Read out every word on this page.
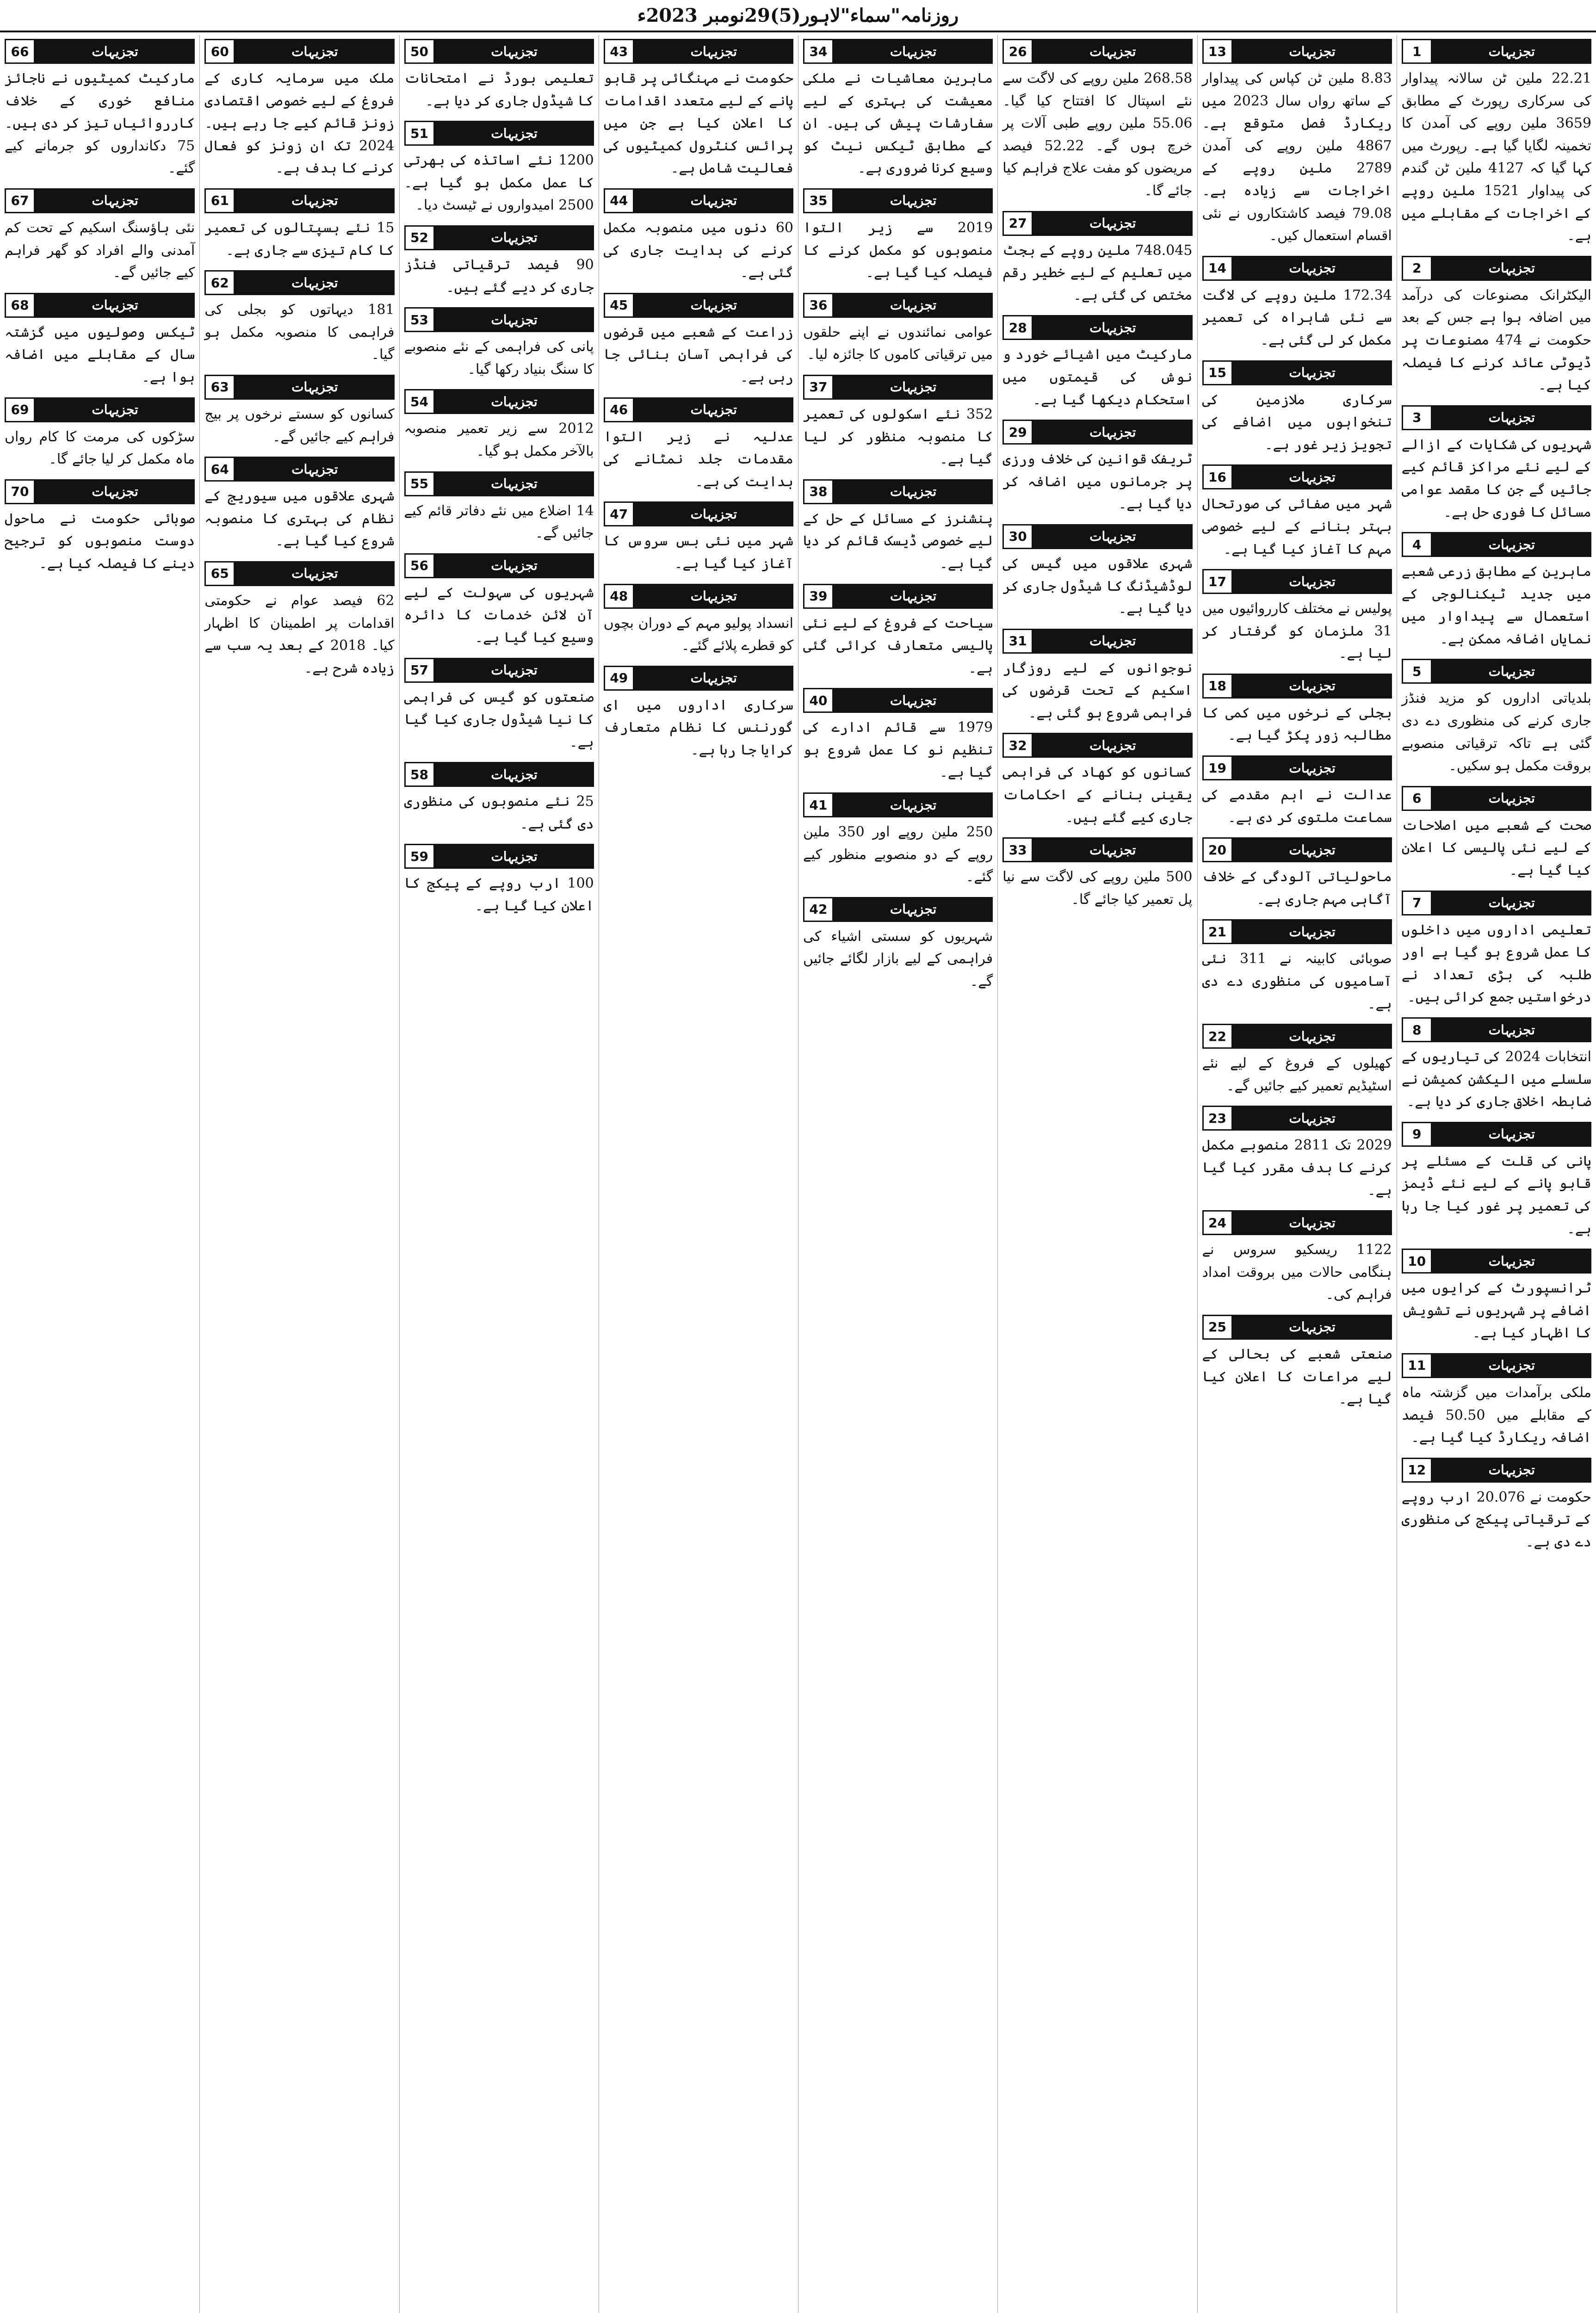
روزنامہ"سماء"لاہور(5)29نومبر 2023ء
1	تجزیہات

22.21 ملین ٹن سالانہ پیداوار کی سرکاری رپورٹ کے مطابق 3659 ملین روپے کی آمدن کا تخمینہ لگایا گیا ہے۔ رپورٹ میں کہا گیا کہ 4127 ملین ٹن گندم کی پیداوار 1521 ملین روپے کے اخراجات کے مقابلے میں ہے۔

2	تجزیہات

الیکٹرانک مصنوعات کی درآمد میں اضافہ ہوا ہے جس کے بعد حکومت نے 474 مصنوعات پر ڈیوٹی عائد کرنے کا فیصلہ کیا ہے۔

3	تجزیہات

شہریوں کی شکایات کے ازالے کے لیے نئے مراکز قائم کیے جائیں گے جن کا مقصد عوامی مسائل کا فوری حل ہے۔

4	تجزیہات

ماہرین کے مطابق زرعی شعبے میں جدید ٹیکنالوجی کے استعمال سے پیداوار میں نمایاں اضافہ ممکن ہے۔

5	تجزیہات

بلدیاتی اداروں کو مزید فنڈز جاری کرنے کی منظوری دے دی گئی ہے تاکہ ترقیاتی منصوبے بروقت مکمل ہو سکیں۔

6	تجزیہات

صحت کے شعبے میں اصلاحات کے لیے نئی پالیسی کا اعلان کیا گیا ہے۔

7	تجزیہات

تعلیمی اداروں میں داخلوں کا عمل شروع ہو گیا ہے اور طلبہ کی بڑی تعداد نے درخواستیں جمع کرائی ہیں۔

8	تجزیہات

انتخابات 2024 کی تیاریوں کے سلسلے میں الیکشن کمیشن نے ضابطہ اخلاق جاری کر دیا ہے۔

9	تجزیہات

پانی کی قلت کے مسئلے پر قابو پانے کے لیے نئے ڈیمز کی تعمیر پر غور کیا جا رہا ہے۔

10	تجزیہات

ٹرانسپورٹ کے کرایوں میں اضافے پر شہریوں نے تشویش کا اظہار کیا ہے۔

11	تجزیہات

ملکی برآمدات میں گزشتہ ماہ کے مقابلے میں 50.50 فیصد اضافہ ریکارڈ کیا گیا ہے۔

12	تجزیہات

حکومت نے 20.076 ارب روپے کے ترقیاتی پیکج کی منظوری دے دی ہے۔

13	تجزیہات

8.83 ملین ٹن کپاس کی پیداوار کے ساتھ رواں سال 2023 میں ریکارڈ فصل متوقع ہے۔ 4867 ملین روپے کی آمدن 2789 ملین روپے کے اخراجات سے زیادہ ہے۔ 79.08 فیصد کاشتکاروں نے نئی اقسام استعمال کیں۔

14	تجزیہات

172.34 ملین روپے کی لاگت سے نئی شاہراہ کی تعمیر مکمل کر لی گئی ہے۔

15	تجزیہات

سرکاری ملازمین کی تنخواہوں میں اضافے کی تجویز زیر غور ہے۔

16	تجزیہات

شہر میں صفائی کی صورتحال بہتر بنانے کے لیے خصوصی مہم کا آغاز کیا گیا ہے۔

17	تجزیہات

پولیس نے مختلف کارروائیوں میں 31 ملزمان کو گرفتار کر لیا ہے۔

18	تجزیہات

بجلی کے نرخوں میں کمی کا مطالبہ زور پکڑ گیا ہے۔

19	تجزیہات

عدالت نے اہم مقدمے کی سماعت ملتوی کر دی ہے۔

20	تجزیہات

ماحولیاتی آلودگی کے خلاف آگاہی مہم جاری ہے۔

21	تجزیہات

صوبائی کابینہ نے 311 نئی آسامیوں کی منظوری دے دی ہے۔

22	تجزیہات

کھیلوں کے فروغ کے لیے نئے اسٹیڈیم تعمیر کیے جائیں گے۔

23	تجزیہات

2029 تک 2811 منصوبے مکمل کرنے کا ہدف مقرر کیا گیا ہے۔

24	تجزیہات

1122 ریسکیو سروس نے ہنگامی حالات میں بروقت امداد فراہم کی۔

25	تجزیہات

صنعتی شعبے کی بحالی کے لیے مراعات کا اعلان کیا گیا ہے۔

26	تجزیہات

268.58 ملین روپے کی لاگت سے نئے اسپتال کا افتتاح کیا گیا۔ 55.06 ملین روپے طبی آلات پر خرچ ہوں گے۔ 52.22 فیصد مریضوں کو مفت علاج فراہم کیا جائے گا۔

27	تجزیہات

748.045 ملین روپے کے بجٹ میں تعلیم کے لیے خطیر رقم مختص کی گئی ہے۔

28	تجزیہات

مارکیٹ میں اشیائے خورد و نوش کی قیمتوں میں استحکام دیکھا گیا ہے۔

29	تجزیہات

ٹریفک قوانین کی خلاف ورزی پر جرمانوں میں اضافہ کر دیا گیا ہے۔

30	تجزیہات

شہری علاقوں میں گیس کی لوڈشیڈنگ کا شیڈول جاری کر دیا گیا ہے۔

31	تجزیہات

نوجوانوں کے لیے روزگار اسکیم کے تحت قرضوں کی فراہمی شروع ہو گئی ہے۔

32	تجزیہات

کسانوں کو کھاد کی فراہمی یقینی بنانے کے احکامات جاری کیے گئے ہیں۔

33	تجزیہات

500 ملین روپے کی لاگت سے نیا پل تعمیر کیا جائے گا۔

34	تجزیہات

ماہرین معاشیات نے ملکی معیشت کی بہتری کے لیے سفارشات پیش کی ہیں۔ ان کے مطابق ٹیکس نیٹ کو وسیع کرنا ضروری ہے۔

35	تجزیہات

2019 سے زیر التوا منصوبوں کو مکمل کرنے کا فیصلہ کیا گیا ہے۔

36	تجزیہات

عوامی نمائندوں نے اپنے حلقوں میں ترقیاتی کاموں کا جائزہ لیا۔

37	تجزیہات

352 نئے اسکولوں کی تعمیر کا منصوبہ منظور کر لیا گیا ہے۔

38	تجزیہات

پنشنرز کے مسائل کے حل کے لیے خصوصی ڈیسک قائم کر دیا گیا ہے۔

39	تجزیہات

سیاحت کے فروغ کے لیے نئی پالیسی متعارف کرائی گئی ہے۔

40	تجزیہات

1979 سے قائم ادارے کی تنظیم نو کا عمل شروع ہو گیا ہے۔

41	تجزیہات

250 ملین روپے اور 350 ملین روپے کے دو منصوبے منظور کیے گئے۔

42	تجزیہات

شہریوں کو سستی اشیاء کی فراہمی کے لیے بازار لگائے جائیں گے۔

43	تجزیہات

حکومت نے مہنگائی پر قابو پانے کے لیے متعدد اقدامات کا اعلان کیا ہے جن میں پرائس کنٹرول کمیٹیوں کی فعالیت شامل ہے۔

44	تجزیہات

60 دنوں میں منصوبہ مکمل کرنے کی ہدایت جاری کی گئی ہے۔

45	تجزیہات

زراعت کے شعبے میں قرضوں کی فراہمی آسان بنائی جا رہی ہے۔

46	تجزیہات

عدلیہ نے زیر التوا مقدمات جلد نمٹانے کی ہدایت کی ہے۔

47	تجزیہات

شہر میں نئی بس سروس کا آغاز کیا گیا ہے۔

48	تجزیہات

انسداد پولیو مہم کے دوران بچوں کو قطرے پلائے گئے۔

49	تجزیہات

سرکاری اداروں میں ای گورننس کا نظام متعارف کرایا جا رہا ہے۔

50	تجزیہات

تعلیمی بورڈ نے امتحانات کا شیڈول جاری کر دیا ہے۔

51	تجزیہات

1200 نئے اساتذہ کی بھرتی کا عمل مکمل ہو گیا ہے۔ 2500 امیدواروں نے ٹیسٹ دیا۔

52	تجزیہات

90 فیصد ترقیاتی فنڈز جاری کر دیے گئے ہیں۔

53	تجزیہات

پانی کی فراہمی کے نئے منصوبے کا سنگ بنیاد رکھا گیا۔

54	تجزیہات

2012 سے زیر تعمیر منصوبہ بالآخر مکمل ہو گیا۔

55	تجزیہات

14 اضلاع میں نئے دفاتر قائم کیے جائیں گے۔

56	تجزیہات

شہریوں کی سہولت کے لیے آن لائن خدمات کا دائرہ وسیع کیا گیا ہے۔

57	تجزیہات

صنعتوں کو گیس کی فراہمی کا نیا شیڈول جاری کیا گیا ہے۔

58	تجزیہات

25 نئے منصوبوں کی منظوری دی گئی ہے۔

59	تجزیہات

100 ارب روپے کے پیکج کا اعلان کیا گیا ہے۔

60	تجزیہات

ملک میں سرمایہ کاری کے فروغ کے لیے خصوصی اقتصادی زونز قائم کیے جا رہے ہیں۔ 2024 تک ان زونز کو فعال کرنے کا ہدف ہے۔

61	تجزیہات

15 نئے ہسپتالوں کی تعمیر کا کام تیزی سے جاری ہے۔

62	تجزیہات

181 دیہاتوں کو بجلی کی فراہمی کا منصوبہ مکمل ہو گیا۔

63	تجزیہات

کسانوں کو سستے نرخوں پر بیج فراہم کیے جائیں گے۔

64	تجزیہات

شہری علاقوں میں سیوریج کے نظام کی بہتری کا منصوبہ شروع کیا گیا ہے۔

65	تجزیہات

62 فیصد عوام نے حکومتی اقدامات پر اطمینان کا اظہار کیا۔ 2018 کے بعد یہ سب سے زیادہ شرح ہے۔

66	تجزیہات

مارکیٹ کمیٹیوں نے ناجائز منافع خوری کے خلاف کارروائیاں تیز کر دی ہیں۔ 75 دکانداروں کو جرمانے کیے گئے۔

67	تجزیہات

نئی ہاؤسنگ اسکیم کے تحت کم آمدنی والے افراد کو گھر فراہم کیے جائیں گے۔

68	تجزیہات

ٹیکس وصولیوں میں گزشتہ سال کے مقابلے میں اضافہ ہوا ہے۔

69	تجزیہات

سڑکوں کی مرمت کا کام رواں ماہ مکمل کر لیا جائے گا۔

70	تجزیہات

صوبائی حکومت نے ماحول دوست منصوبوں کو ترجیح دینے کا فیصلہ کیا ہے۔
